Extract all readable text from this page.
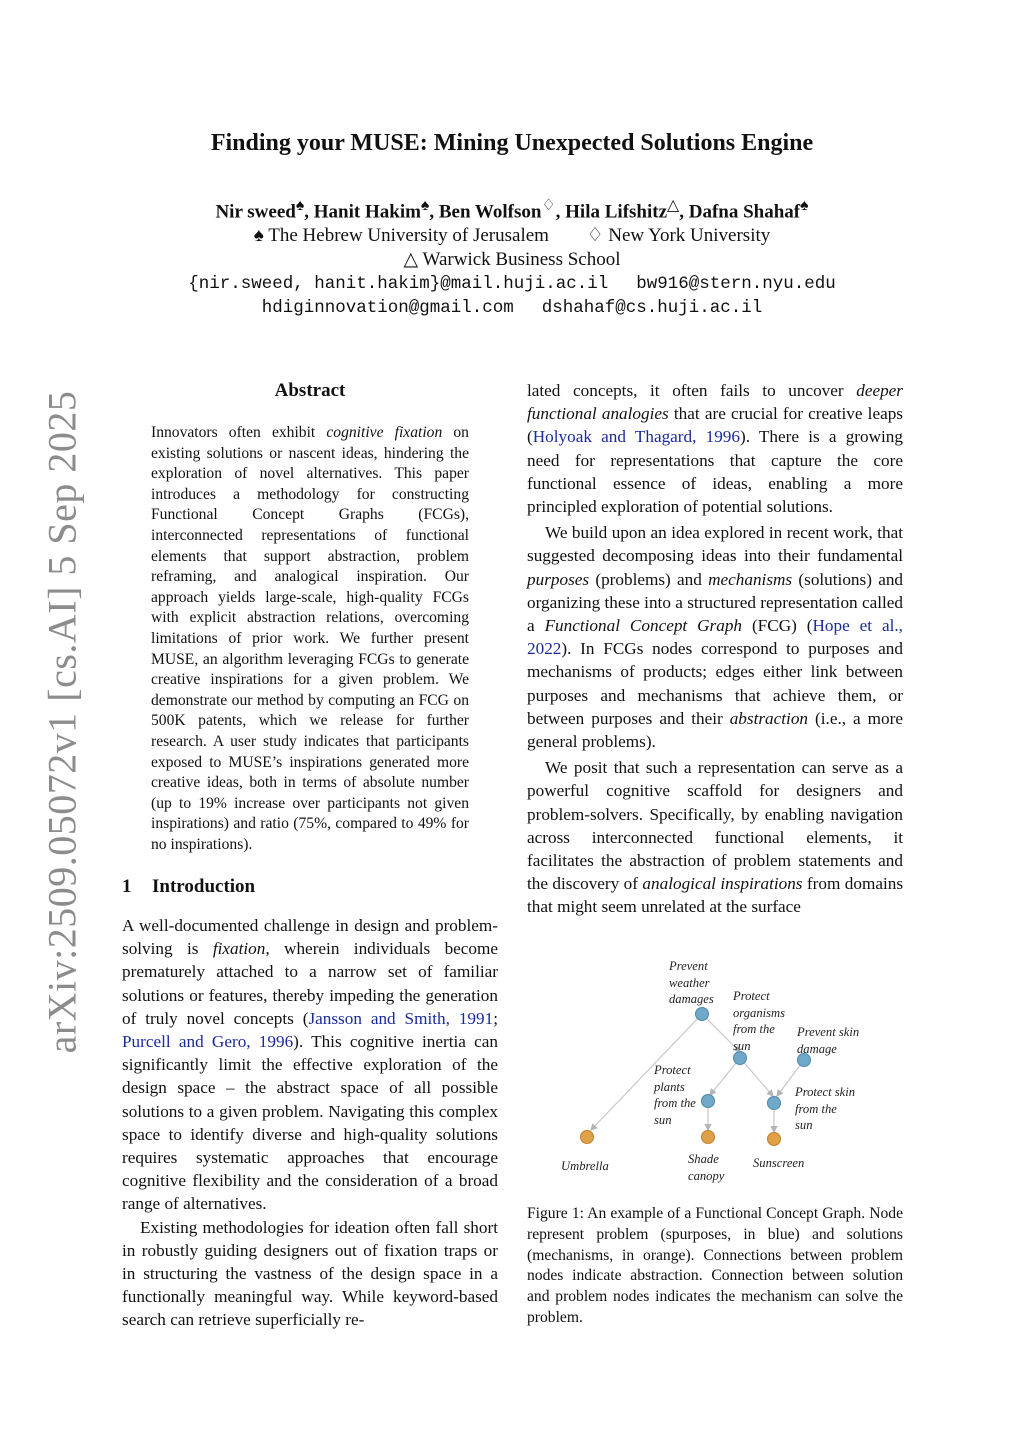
arXiv:2509.05072v1 [cs.AI] 5 Sep 2025
Finding your MUSE: Mining Unexpected Solutions Engine
Nir sweed♠, Hanit Hakim♠, Ben Wolfson♢, Hila Lifshitz△, Dafna Shahaf♠
♠ The Hebrew University of Jerusalem ♢ New York University
△ Warwick Business School
{nir.sweed, hanit.hakim}@mail.huji.ac.il bw916@stern.nyu.edu
hdiginnovation@gmail.com dshahaf@cs.huji.ac.il
Abstract

Innovators often exhibit cognitive fixation on existing solutions or nascent ideas, hindering the exploration of novel alternatives. This paper introduces a methodology for constructing Functional Concept Graphs (FCGs), interconnected representations of functional elements that support abstraction, problem reframing, and analogical inspiration. Our approach yields large-scale, high-quality FCGs with explicit abstraction relations, overcoming limitations of prior work. We further present MUSE, an algorithm leveraging FCGs to generate creative inspirations for a given problem. We demonstrate our method by computing an FCG on 500K patents, which we release for further research. A user study indicates that participants exposed to MUSE’s inspirations generated more creative ideas, both in terms of absolute number (up to 19% increase over participants not given inspirations) and ratio (75%, compared to 49% for no inspirations).

1 Introduction

A well-documented challenge in design and problem-solving is fixation, wherein individuals become prematurely attached to a narrow set of familiar solutions or features, thereby impeding the generation of truly novel concepts (Jansson and Smith, 1991; Purcell and Gero, 1996). This cognitive inertia can significantly limit the effective exploration of the design space – the abstract space of all possible solutions to a given problem. Navigating this complex space to identify diverse and high-quality solutions requires systematic approaches that encourage cognitive flexibility and the consideration of a broad range of alternatives.

Existing methodologies for ideation often fall short in robustly guiding designers out of fixation traps or in structuring the vastness of the design space in a functionally meaningful way. While keyword-based search can retrieve superficially re-

lated concepts, it often fails to uncover deeper functional analogies that are crucial for creative leaps (Holyoak and Thagard, 1996). There is a growing need for representations that capture the core functional essence of ideas, enabling a more principled exploration of potential solutions.

We build upon an idea explored in recent work, that suggested decomposing ideas into their fundamental purposes (problems) and mechanisms (solutions) and organizing these into a structured representation called a Functional Concept Graph (FCG) (Hope et al., 2022). In FCGs nodes correspond to purposes and mechanisms of products; edges either link between purposes and mechanisms that achieve them, or between purposes and their abstraction (i.e., a more general problems).

We posit that such a representation can serve as a powerful cognitive scaffold for designers and problem-solvers. Specifically, by enabling navigation across interconnected functional elements, it facilitates the abstraction of problem statements and the discovery of analogical inspirations from domains that might seem unrelated at the surface

Prevent
weather
damages Protect
organisms
from the
sun
Prevent skin
damage
Protect
plants
from the
sun
Protect skin
from the
sun
Umbrella	Shade
canopy
Sunscreen

Figure 1: An example of a Functional Concept Graph. Node represent problem (spurposes, in blue) and solutions (mechanisms, in orange). Connections between problem nodes indicate abstraction. Connection between solution and problem nodes indicates the mechanism can solve the problem.
